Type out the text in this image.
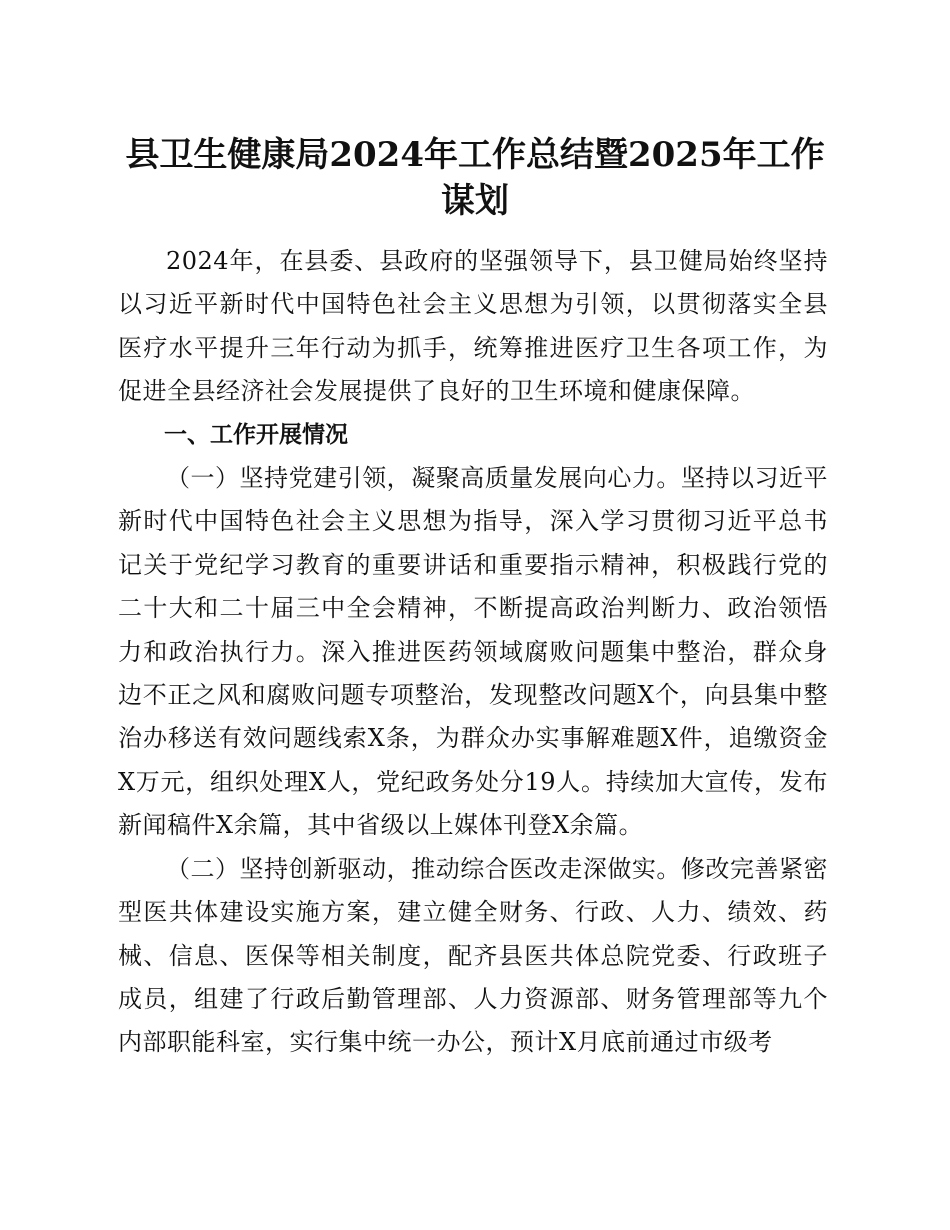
县卫生健康局2024年工作总结暨2025年工作谋划

2024年，在县委、县政府的坚强领导下，县卫健局始终坚持以习近平新时代中国特色社会主义思想为引领，以贯彻落实全县医疗水平提升三年行动为抓手，统筹推进医疗卫生各项工作，为促进全县经济社会发展提供了良好的卫生环境和健康保障。

一、工作开展情况

（一）坚持党建引领，凝聚高质量发展向心力。坚持以习近平新时代中国特色社会主义思想为指导，深入学习贯彻习近平总书记关于党纪学习教育的重要讲话和重要指示精神，积极践行党的二十大和二十届三中全会精神，不断提高政治判断力、政治领悟力和政治执行力。深入推进医药领域腐败问题集中整治，群众身边不正之风和腐败问题专项整治，发现整改问题X个，向县集中整治办移送有效问题线索X条，为群众办实事解难题X件，追缴资金X万元，组织处理X人，党纪政务处分19人。持续加大宣传，发布新闻稿件X余篇，其中省级以上媒体刊登X余篇。

（二）坚持创新驱动，推动综合医改走深做实。修改完善紧密型医共体建设实施方案，建立健全财务、行政、人力、绩效、药械、信息、医保等相关制度，配齐县医共体总院党委、行政班子成员，组建了行政后勤管理部、人力资源部、财务管理部等九个内部职能科室，实行集中统一办公，预计X月底前通过市级考
